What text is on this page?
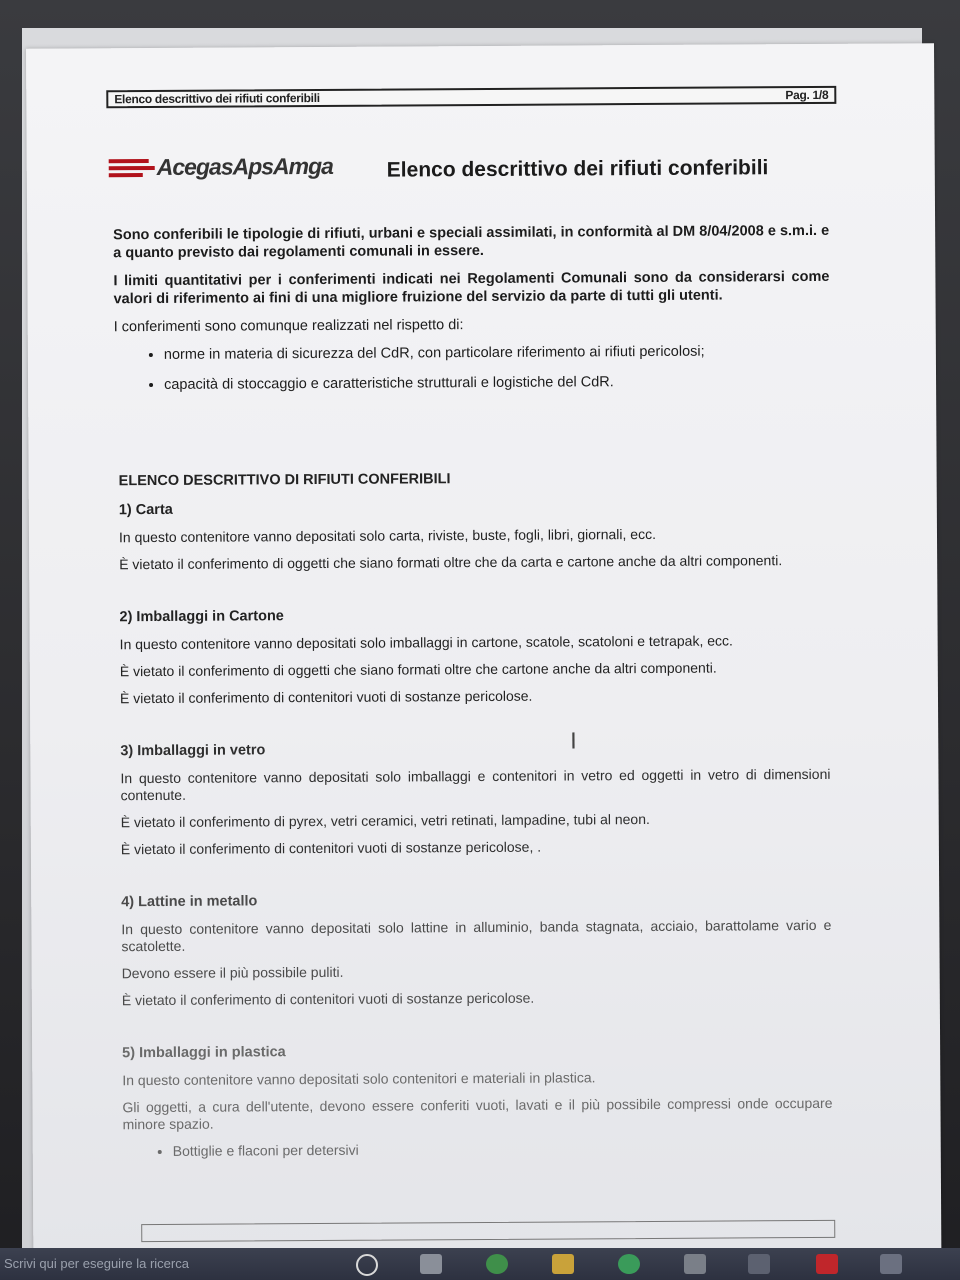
Elenco descrittivo dei rifiuti conferibili	Pag. 1/8
AcegasApsAmga	Elenco descrittivo dei rifiuti conferibili

Sono conferibili le tipologie di rifiuti, urbani e speciali assimilati, in conformità al DM 8/04/2008 e s.m.i. e a quanto previsto dai regolamenti comunali in essere.

I limiti quantitativi per i conferimenti indicati nei Regolamenti Comunali sono da considerarsi come valori di riferimento ai fini di una migliore fruizione del servizio da parte di tutti gli utenti.

I conferimenti sono comunque realizzati nel rispetto di:

• norme in materia di sicurezza del CdR, con particolare riferimento ai rifiuti pericolosi;
• capacità di stoccaggio e caratteristiche strutturali e logistiche del CdR.
ELENCO DESCRITTIVO DI RIFIUTI CONFERIBILI
1) Carta

In questo contenitore vanno depositati solo carta, riviste, buste, fogli, libri, giornali, ecc.

È vietato il conferimento di oggetti che siano formati oltre che da carta e cartone anche da altri componenti.

2) Imballaggi in Cartone

In questo contenitore vanno depositati solo imballaggi in cartone, scatole, scatoloni e tetrapak, ecc.

È vietato il conferimento di oggetti che siano formati oltre che cartone anche da altri componenti.

È vietato il conferimento di contenitori vuoti di sostanze pericolose.

3) Imballaggi in vetro

In questo contenitore vanno depositati solo imballaggi e contenitori in vetro ed oggetti in vetro di dimensioni contenute.

È vietato il conferimento di pyrex, vetri ceramici, vetri retinati, lampadine, tubi al neon.

È vietato il conferimento di contenitori vuoti di sostanze pericolose, .

4) Lattine in metallo

In questo contenitore vanno depositati solo lattine in alluminio, banda stagnata, acciaio, barattolame vario e scatolette.

Devono essere il più possibile puliti.

È vietato il conferimento di contenitori vuoti di sostanze pericolose.

5) Imballaggi in plastica

In questo contenitore vanno depositati solo contenitori e materiali in plastica.

Gli oggetti, a cura dell'utente, devono essere conferiti vuoti, lavati e il più possibile compressi onde occupare minore spazio.

• Bottiglie e flaconi per detersivi
I
Scrivi qui per eseguire la ricerca
